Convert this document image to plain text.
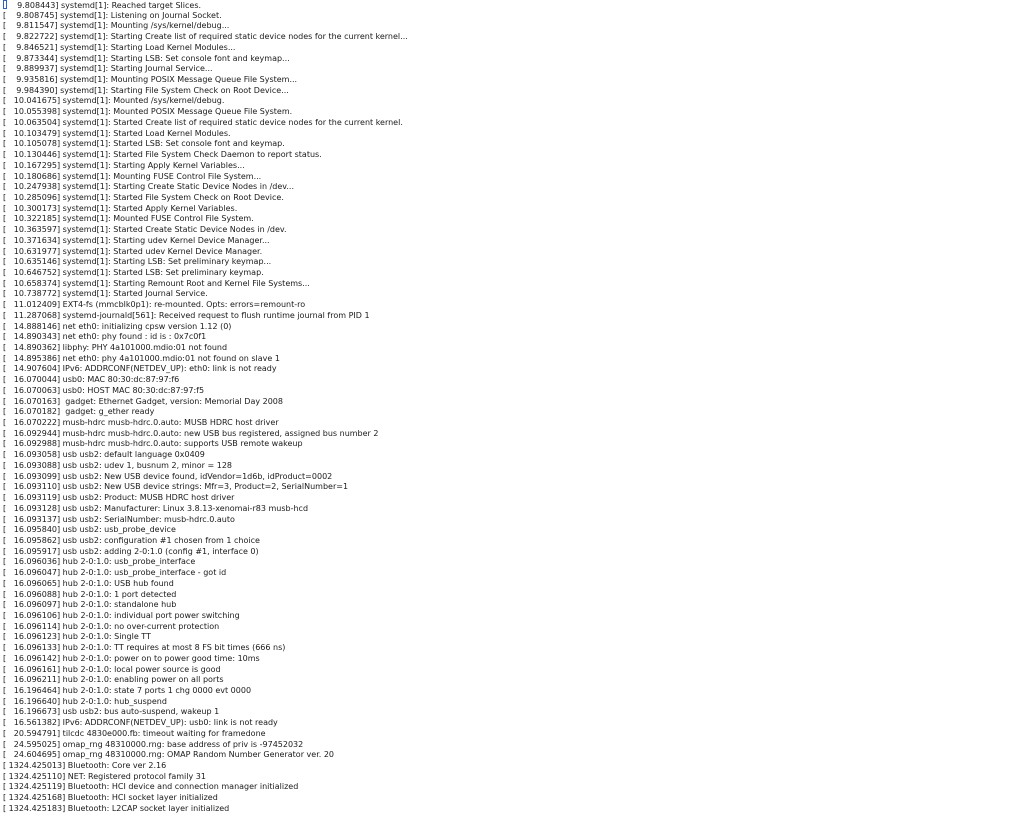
9.808443] systemd[1]: Reached target Slices.
[    9.808745] systemd[1]: Listening on Journal Socket.
[    9.811547] systemd[1]: Mounting /sys/kernel/debug...
[    9.822722] systemd[1]: Starting Create list of required static device nodes for the current kernel...
[    9.846521] systemd[1]: Starting Load Kernel Modules...
[    9.873344] systemd[1]: Starting LSB: Set console font and keymap...
[    9.889937] systemd[1]: Starting Journal Service...
[    9.935816] systemd[1]: Mounting POSIX Message Queue File System...
[    9.984390] systemd[1]: Starting File System Check on Root Device...
[   10.041675] systemd[1]: Mounted /sys/kernel/debug.
[   10.055398] systemd[1]: Mounted POSIX Message Queue File System.
[   10.063504] systemd[1]: Started Create list of required static device nodes for the current kernel.
[   10.103479] systemd[1]: Started Load Kernel Modules.
[   10.105078] systemd[1]: Started LSB: Set console font and keymap.
[   10.130446] systemd[1]: Started File System Check Daemon to report status.
[   10.167295] systemd[1]: Starting Apply Kernel Variables...
[   10.180686] systemd[1]: Mounting FUSE Control File System...
[   10.247938] systemd[1]: Starting Create Static Device Nodes in /dev...
[   10.285096] systemd[1]: Started File System Check on Root Device.
[   10.300173] systemd[1]: Started Apply Kernel Variables.
[   10.322185] systemd[1]: Mounted FUSE Control File System.
[   10.363597] systemd[1]: Started Create Static Device Nodes in /dev.
[   10.371634] systemd[1]: Starting udev Kernel Device Manager...
[   10.631977] systemd[1]: Started udev Kernel Device Manager.
[   10.635146] systemd[1]: Starting LSB: Set preliminary keymap...
[   10.646752] systemd[1]: Started LSB: Set preliminary keymap.
[   10.658374] systemd[1]: Starting Remount Root and Kernel File Systems...
[   10.738772] systemd[1]: Started Journal Service.
[   11.012409] EXT4-fs (mmcblk0p1): re-mounted. Opts: errors=remount-ro
[   11.287068] systemd-journald[561]: Received request to flush runtime journal from PID 1
[   14.888146] net eth0: initializing cpsw version 1.12 (0)
[   14.890343] net eth0: phy found : id is : 0x7c0f1
[   14.890362] libphy: PHY 4a101000.mdio:01 not found
[   14.895386] net eth0: phy 4a101000.mdio:01 not found on slave 1
[   14.907604] IPv6: ADDRCONF(NETDEV_UP): eth0: link is not ready
[   16.070044] usb0: MAC 80:30:dc:87:97:f6
[   16.070063] usb0: HOST MAC 80:30:dc:87:97:f5
[   16.070163]  gadget: Ethernet Gadget, version: Memorial Day 2008
[   16.070182]  gadget: g_ether ready
[   16.070222] musb-hdrc musb-hdrc.0.auto: MUSB HDRC host driver
[   16.092944] musb-hdrc musb-hdrc.0.auto: new USB bus registered, assigned bus number 2
[   16.092988] musb-hdrc musb-hdrc.0.auto: supports USB remote wakeup
[   16.093058] usb usb2: default language 0x0409
[   16.093088] usb usb2: udev 1, busnum 2, minor = 128
[   16.093099] usb usb2: New USB device found, idVendor=1d6b, idProduct=0002
[   16.093110] usb usb2: New USB device strings: Mfr=3, Product=2, SerialNumber=1
[   16.093119] usb usb2: Product: MUSB HDRC host driver
[   16.093128] usb usb2: Manufacturer: Linux 3.8.13-xenomai-r83 musb-hcd
[   16.093137] usb usb2: SerialNumber: musb-hdrc.0.auto
[   16.095840] usb usb2: usb_probe_device
[   16.095862] usb usb2: configuration #1 chosen from 1 choice
[   16.095917] usb usb2: adding 2-0:1.0 (config #1, interface 0)
[   16.096036] hub 2-0:1.0: usb_probe_interface
[   16.096047] hub 2-0:1.0: usb_probe_interface - got id
[   16.096065] hub 2-0:1.0: USB hub found
[   16.096088] hub 2-0:1.0: 1 port detected
[   16.096097] hub 2-0:1.0: standalone hub
[   16.096106] hub 2-0:1.0: individual port power switching
[   16.096114] hub 2-0:1.0: no over-current protection
[   16.096123] hub 2-0:1.0: Single TT
[   16.096133] hub 2-0:1.0: TT requires at most 8 FS bit times (666 ns)
[   16.096142] hub 2-0:1.0: power on to power good time: 10ms
[   16.096161] hub 2-0:1.0: local power source is good
[   16.096211] hub 2-0:1.0: enabling power on all ports
[   16.196464] hub 2-0:1.0: state 7 ports 1 chg 0000 evt 0000
[   16.196640] hub 2-0:1.0: hub_suspend
[   16.196673] usb usb2: bus auto-suspend, wakeup 1
[   16.561382] IPv6: ADDRCONF(NETDEV_UP): usb0: link is not ready
[   20.594791] tilcdc 4830e000.fb: timeout waiting for framedone
[   24.595025] omap_rng 48310000.rng: base address of priv is -97452032
[   24.604695] omap_rng 48310000.rng: OMAP Random Number Generator ver. 20
[ 1324.425013] Bluetooth: Core ver 2.16
[ 1324.425110] NET: Registered protocol family 31
[ 1324.425119] Bluetooth: HCI device and connection manager initialized
[ 1324.425168] Bluetooth: HCI socket layer initialized
[ 1324.425183] Bluetooth: L2CAP socket layer initialized
